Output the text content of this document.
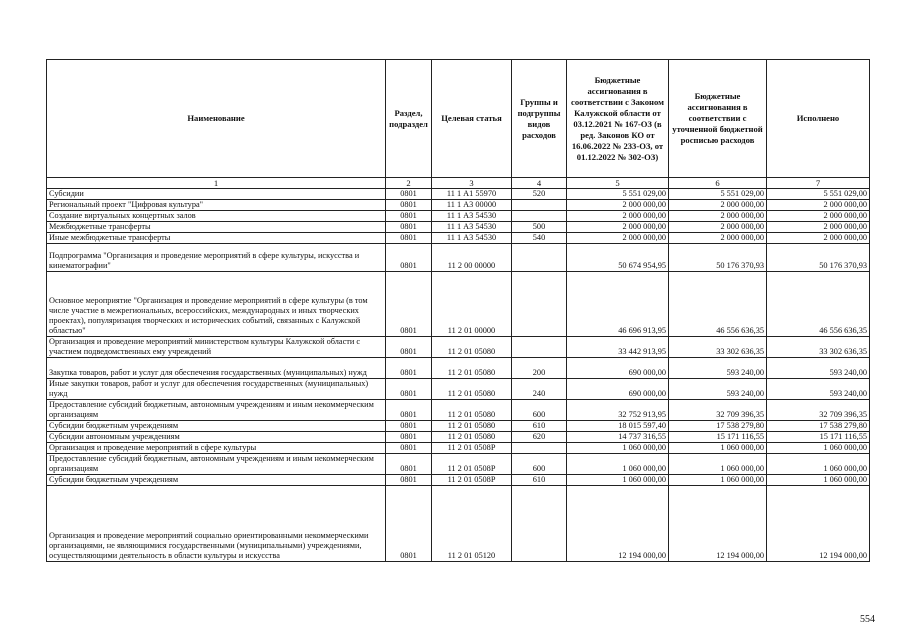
Наименование	Раздел, подраздел	Целевая статья	Группы и подгруппы видов расходов	Бюджетные ассигнования в соответствии с Законом Калужской области от 03.12.2021 № 167-ОЗ (в ред. Законов КО от 16.06.2022 № 233-ОЗ, от 01.12.2022 № 302-ОЗ)	Бюджетные ассигнования в соответствии с уточненной бюджетной росписью расходов	Исполнено
1	2	3	4	5	6	7
Субсидии	0801	11 1 А1 55970	520	5 551 029,00	5 551 029,00	5 551 029,00
Региональный проект "Цифровая культура"	0801	11 1 А3 00000		2 000 000,00	2 000 000,00	2 000 000,00
Создание виртуальных концертных залов	0801	11 1 А3 54530		2 000 000,00	2 000 000,00	2 000 000,00
Межбюджетные трансферты	0801	11 1 А3 54530	500	2 000 000,00	2 000 000,00	2 000 000,00
Иные межбюджетные трансферты	0801	11 1 А3 54530	540	2 000 000,00	2 000 000,00	2 000 000,00
Подпрограмма "Организация и проведение мероприятий в сфере культуры, искусства и кинематографии"	0801	11 2 00 00000		50 674 954,95	50 176 370,93	50 176 370,93
Основное мероприятие "Организация и проведение мероприятий в сфере культуры (в том числе участие в межрегиональных, всероссийских, международных и иных творческих проектах), популяризация творческих и исторических событий, связанных с Калужской областью"	0801	11 2 01 00000		46 696 913,95	46 556 636,35	46 556 636,35
Организация и проведение мероприятий министерством культуры Калужской области с участием подведомственных ему учреждений	0801	11 2 01 05080		33 442 913,95	33 302 636,35	33 302 636,35
Закупка товаров, работ и услуг для обеспечения государственных (муниципальных) нужд	0801	11 2 01 05080	200	690 000,00	593 240,00	593 240,00
Иные закупки товаров, работ и услуг для обеспечения государственных (муниципальных) нужд	0801	11 2 01 05080	240	690 000,00	593 240,00	593 240,00
Предоставление субсидий бюджетным, автономным учреждениям и иным некоммерческим организациям	0801	11 2 01 05080	600	32 752 913,95	32 709 396,35	32 709 396,35
Субсидии бюджетным учреждениям	0801	11 2 01 05080	610	18 015 597,40	17 538 279,80	17 538 279,80
Субсидии автономным учреждениям	0801	11 2 01 05080	620	14 737 316,55	15 171 116,55	15 171 116,55
Организация и проведение мероприятий в сфере культуры	0801	11 2 01 0508Р		1 060 000,00	1 060 000,00	1 060 000,00
Предоставление субсидий бюджетным, автономным учреждениям и иным некоммерческим организациям	0801	11 2 01 0508Р	600	1 060 000,00	1 060 000,00	1 060 000,00
Субсидии бюджетным учреждениям	0801	11 2 01 0508Р	610	1 060 000,00	1 060 000,00	1 060 000,00
Организация и проведение мероприятий социально ориентированными некоммерческими организациями, не являющимися государственными (муниципальными) учреждениями, осуществляющими деятельность в области культуры и искусства	0801	11 2 01 05120		12 194 000,00	12 194 000,00	12 194 000,00
554
